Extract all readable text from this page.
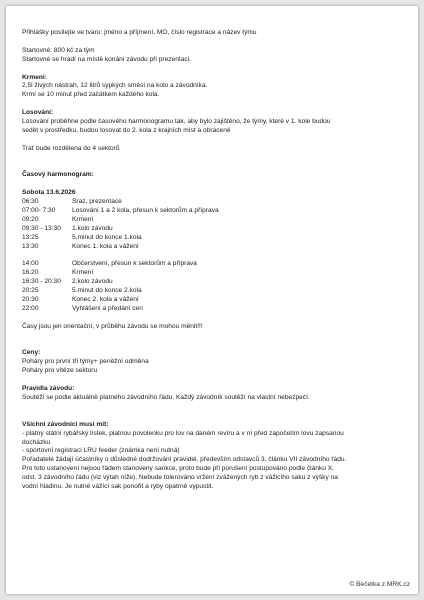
Přihlášky posílejte ve tvaru: jméno a příjmení, MO, číslo registrace a název týmu

Startovné: 800 kč za tým

Startovné se hradí na místě konání závodu při prezentaci.

Krmení:

2,5l živých nástrah, 12 litrů sypkých směsí na kolo a závodníka.

Krmí se 10 minut před začátkem každého kola.

Losování:

Losování proběhne podle časového harmonogramu tak, aby bylo zajištěno, že týmy, které v 1. kole budou

sedět v prostředku, budou losovat do 2. kola z krajních míst a obráceně

Trať bude rozdělena do 4 sektorů

Časový harmonogram:

Sobota 13.6.2026

06:30	Sraz, prezentace
07:00- 7:30	Losování 1 a 2 kola, přesun k sektorům a příprava
09:20	Krmení
09:30 - 13:30	1.kolo závodu
13:25	5.minut do konce 1.kola
13:30	Konec 1. kola a vážení
14:00	Občerstvení, přesun k sektorům a příprava
16:20	Krmení
16:30 - 20:30	2.kolo závodu
20:25	5.minut do konce 2.kola
20:30	Konec 2. kola a vážení
22:00	Vyhlášení a předání cen

Časy jsou jen orientační, v průběhu závodu se mohou měnit!!!

Ceny:

Poháry pro první tři týmy+ peněžní odměna

Poháry pro vítěze sektoru

Pravidla závodu:

Soutěží se podle aktuálně platného závodního řádu. Každý závodník soutěží na vlastní nebezpečí.

Všichni závodníci musí mít:

- platný státní rybářský lístek, platnou povolenku pro lov na daném revíru a v ní před započetím lovu zapsanou

docházku

- sportovní registraci LRU feeder (známka není nutná)

Pořadatelé žádají účastníky o důsledné dodržování pravidel, především odstavců 3, článku VII závodního řádu.

Pro toto ustanovení nejsou řádem stanoveny sankce, proto bude při porušení postupováno podle článku X,

odst. 3 závodního řádu (viz výtah níže). Nebude tolerováno vržení zvážených ryb z vážicího saku z výšky na

vodní hladinu. Je nutné vážící sak ponořit a ryby opatrně vypustit.

© Bečetka z MRK.cz
